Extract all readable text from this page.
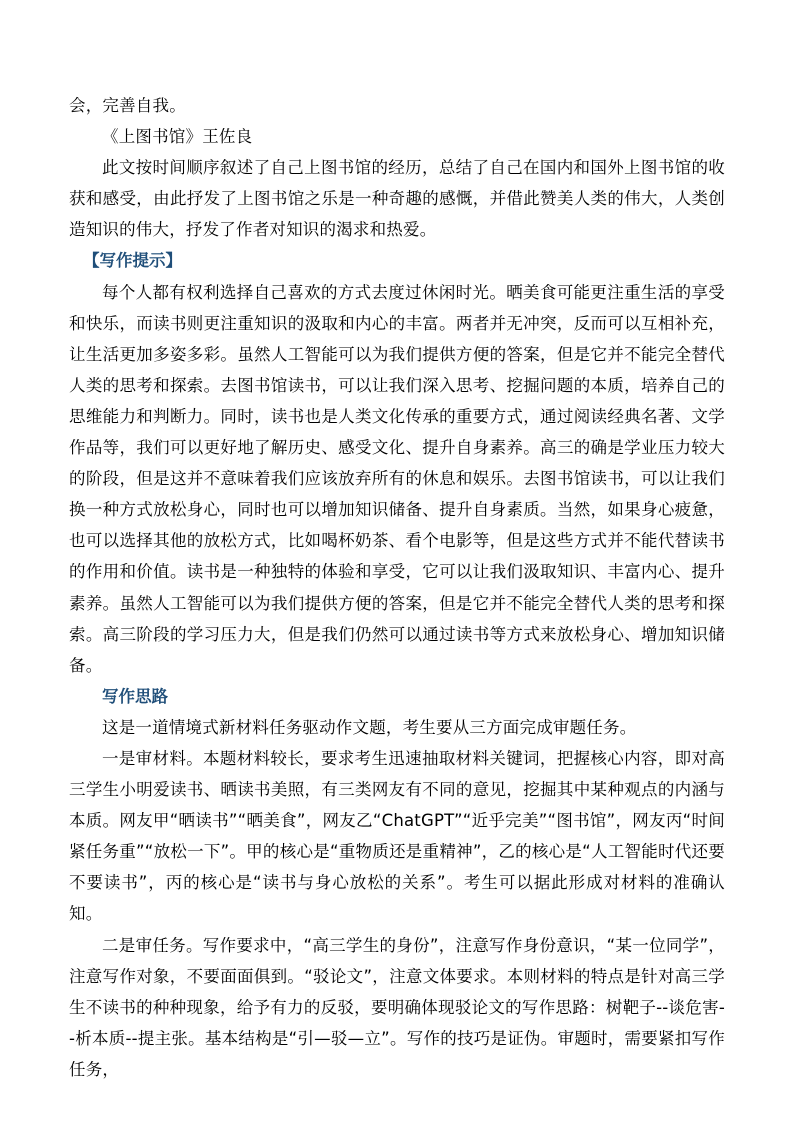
会，完善自我。

《上图书馆》王佐良

此文按时间顺序叙述了自己上图书馆的经历，总结了自己在国内和国外上图书馆的收获和感受，由此抒发了上图书馆之乐是一种奇趣的感慨，并借此赞美人类的伟大，人类创造知识的伟大，抒发了作者对知识的渴求和热爱。

【写作提示】

每个人都有权利选择自己喜欢的方式去度过休闲时光。晒美食可能更注重生活的享受和快乐，而读书则更注重知识的汲取和内心的丰富。两者并无冲突，反而可以互相补充，让生活更加多姿多彩。虽然人工智能可以为我们提供方便的答案，但是它并不能完全替代人类的思考和探索。去图书馆读书，可以让我们深入思考、挖掘问题的本质，培养自己的思维能力和判断力。同时，读书也是人类文化传承的重要方式，通过阅读经典名著、文学作品等，我们可以更好地了解历史、感受文化、提升自身素养。高三的确是学业压力较大的阶段，但是这并不意味着我们应该放弃所有的休息和娱乐。去图书馆读书，可以让我们换一种方式放松身心，同时也可以增加知识储备、提升自身素质。当然，如果身心疲惫，也可以选择其他的放松方式，比如喝杯奶茶、看个电影等，但是这些方式并不能代替读书的作用和价值。读书是一种独特的体验和享受，它可以让我们汲取知识、丰富内心、提升素养。虽然人工智能可以为我们提供方便的答案，但是它并不能完全替代人类的思考和探索。高三阶段的学习压力大，但是我们仍然可以通过读书等方式来放松身心、增加知识储备。

写作思路

这是一道情境式新材料任务驱动作文题，考生要从三方面完成审题任务。

一是审材料。本题材料较长，要求考生迅速抽取材料关键词，把握核心内容，即对高三学生小明爱读书、晒读书美照，有三类网友有不同的意见，挖掘其中某种观点的内涵与本质。网友甲“晒读书”“晒美食”，网友乙“ChatGPT”“近乎完美”“图书馆”，网友丙“时间紧任务重”“放松一下”。甲的核心是“重物质还是重精神”，乙的核心是“人工智能时代还要不要读书”，丙的核心是“读书与身心放松的关系”。考生可以据此形成对材料的准确认知。

二是审任务。写作要求中，“高三学生的身份”，注意写作身份意识，“某一位同学”，注意写作对象，不要面面俱到。“驳论文”，注意文体要求。本则材料的特点是针对高三学生不读书的种种现象，给予有力的反驳，要明确体现驳论文的写作思路：树靶子--谈危害--析本质--提主张。基本结构是“引—驳—立”。写作的技巧是证伪。审题时，需要紧扣写作任务，
